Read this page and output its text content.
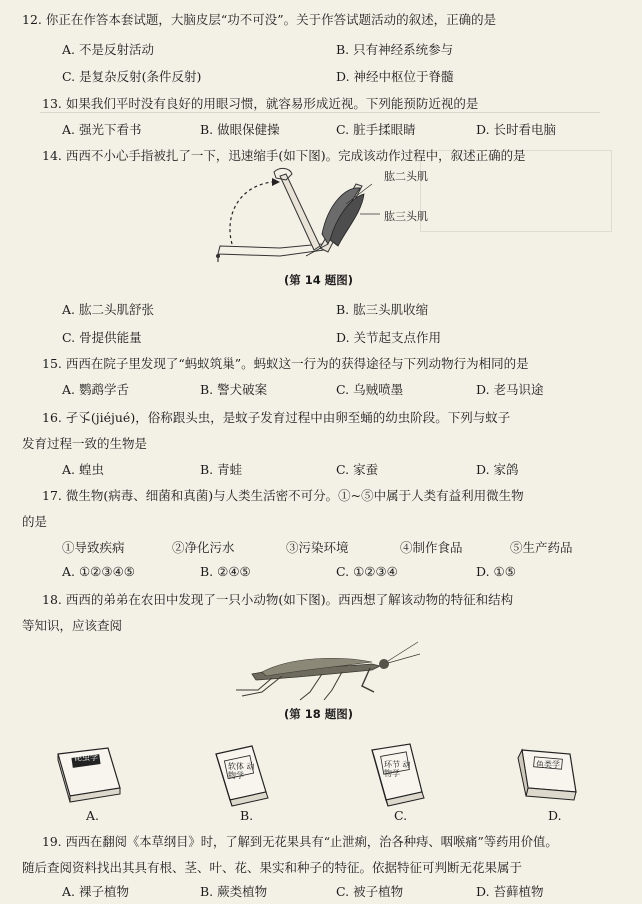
12. 你正在作答本套试题，大脑皮层“功不可没”。关于作答试题活动的叙述，正确的是
A. 不是反射活动	B. 只有神经系统参与
C. 是复杂反射(条件反射)	D. 神经中枢位于脊髓
13. 如果我们平时没有良好的用眼习惯，就容易形成近视。下列能预防近视的是
A. 强光下看书	B. 做眼保健操	C. 脏手揉眼睛	D. 长时看电脑
14. 西西不小心手指被扎了一下，迅速缩手(如下图)。完成该动作过程中，叙述正确的是
肱二头肌
肱三头肌
(第 14 题图)
A. 肱二头肌舒张	B. 肱三头肌收缩
C. 骨提供能量	D. 关节起支点作用
15. 西西在院子里发现了“蚂蚁筑巢”。蚂蚁这一行为的获得途径与下列动物行为相同的是
A. 鹦鹉学舌	B. 警犬破案	C. 乌贼喷墨	D. 老马识途
16. 孑孓(jiéjué)，俗称跟头虫，是蚊子发育过程中由卵至蛹的幼虫阶段。下列与蚊子
发育过程一致的生物是
A. 蝗虫	B. 青蛙	C. 家蚕	D. 家鸽
17. 微生物(病毒、细菌和真菌)与人类生活密不可分。①~⑤中属于人类有益利用微生物
的是
①导致疾病	②净化污水	③污染环境	④制作食品	⑤生产药品
A. ①②③④⑤	B. ②④⑤	C. ①②③④	D. ①⑤
18. 西西的弟弟在农田中发现了一只小动物(如下图)。西西想了解该动物的特征和结构
等知识，应该查阅
(第 18 题图)
昆虫学
A.
软体 动物学
B.
环节 动物学
C.
鱼类学
D.
19. 西西在翻阅《本草纲目》时，了解到无花果具有“止泄痢，治各种痔、咽喉痛”等药用价值。
随后查阅资料找出其具有根、茎、叶、花、果实和种子的特征。依据特征可判断无花果属于
A. 裸子植物	B. 蕨类植物	C. 被子植物	D. 苔藓植物
